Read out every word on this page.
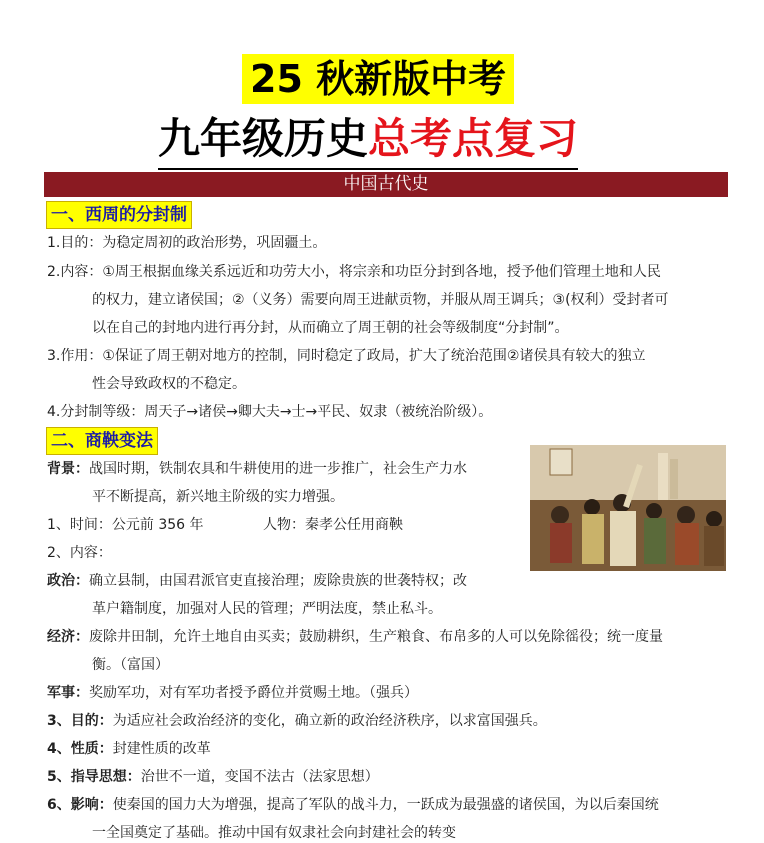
25 秋新版中考
九年级历史总考点复习
中国古代史
一、西周的分封制
1.目的：为稳定周初的政治形势，巩固疆土。
2.内容：①周王根据血缘关系远近和功劳大小，将宗亲和功臣分封到各地，授予他们管理土地和人民
的权力，建立诸侯国；②（义务）需要向周王进献贡物，并服从周王调兵；③(权利）受封者可
以在自己的封地内进行再分封，从而确立了周王朝的社会等级制度“分封制”。
3.作用：①保证了周王朝对地方的控制，同时稳定了政局，扩大了统治范围②诸侯具有较大的独立
性会导致政权的不稳定。
4.分封制等级：周天子→诸侯→卿大夫→士→平民、奴隶（被统治阶级）。
二、商鞅变法
背景：战国时期，铁制农具和牛耕使用的进一步推广，社会生产力水
平不断提高，新兴地主阶级的实力增强。
1、时间：公元前 356 年	人物：秦孝公任用商鞅
2、内容：
政治：确立县制，由国君派官吏直接治理；废除贵族的世袭特权；改
革户籍制度，加强对人民的管理；严明法度，禁止私斗。
经济：废除井田制，允许土地自由买卖；鼓励耕织，生产粮食、布帛多的人可以免除徭役；统一度量
衡。（富国）
军事：奖励军功，对有军功者授予爵位并赏赐土地。（强兵）
3、目的：为适应社会政治经济的变化，确立新的政治经济秩序，以求富国强兵。
4、性质：封建性质的改革
5、指导思想：治世不一道，变国不法古（法家思想）
6、影响：使秦国的国力大为增强，提高了军队的战斗力，一跃成为最强盛的诸侯国，为以后秦国统
一全国奠定了基础。推动中国有奴隶社会向封建社会的转变
